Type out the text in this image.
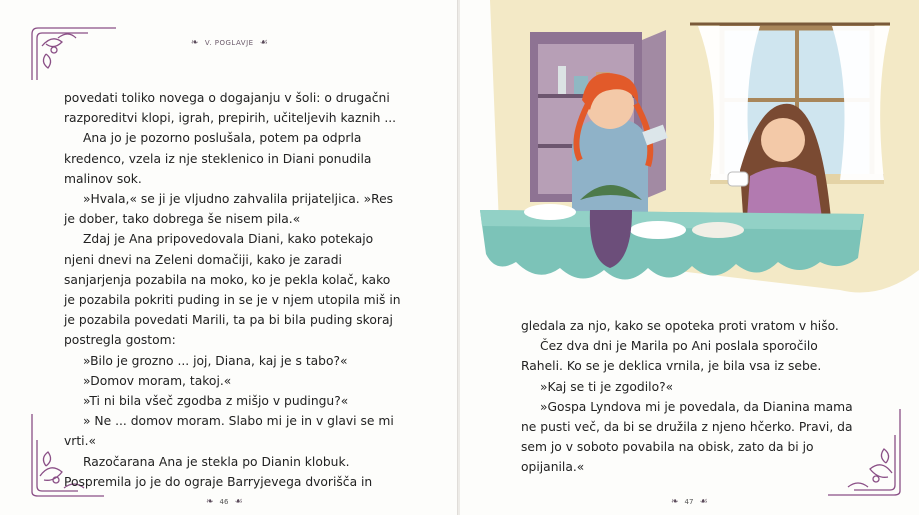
❧ V. POGLAVJE ☙

povedati toliko novega o dogajanju v šoli: o drugačni razporeditvi klopi, igrah, prepirih, učiteljevih kaznih ...

Ana jo je pozorno poslušala, potem pa odprla kredenco, vzela iz nje steklenico in Diani ponudila malinov sok.

»Hvala,« se ji je vljudno zahvalila prijateljica. »Res je dober, tako dobrega še nisem pila.«

Zdaj je Ana pripovedovala Diani, kako potekajo njeni dnevi na Zeleni domačiji, kako je zaradi sanjarjenja pozabila na moko, ko je pekla kolač, kako je pozabila pokriti puding in se je v njem utopila miš in je pozabila povedati Marili, ta pa bi bila puding skoraj postregla gostom:

»Bilo je grozno ... joj, Diana, kaj je s tabo?«

»Domov moram, takoj.«

»Ti ni bila všeč zgodba z mišjo v pudingu?«

» Ne ... domov moram. Slabo mi je in v glavi se mi vrti.«

Razočarana Ana je stekla po Dianin klobuk. Pospremila jo je do ograje Barryjevega dvorišča in

❧ 46 ☙

gledala za njo, kako se opoteka proti vratom v hišo.

Čez dva dni je Marila po Ani poslala sporočilo Raheli. Ko se je deklica vrnila, je bila vsa iz sebe.

»Kaj se ti je zgodilo?«

»Gospa Lyndova mi je povedala, da Dianina mama ne pusti več, da bi se družila z njeno hčerko. Pravi, da sem jo v soboto povabila na obisk, zato da bi jo opijanila.«

❧ 47 ☙
